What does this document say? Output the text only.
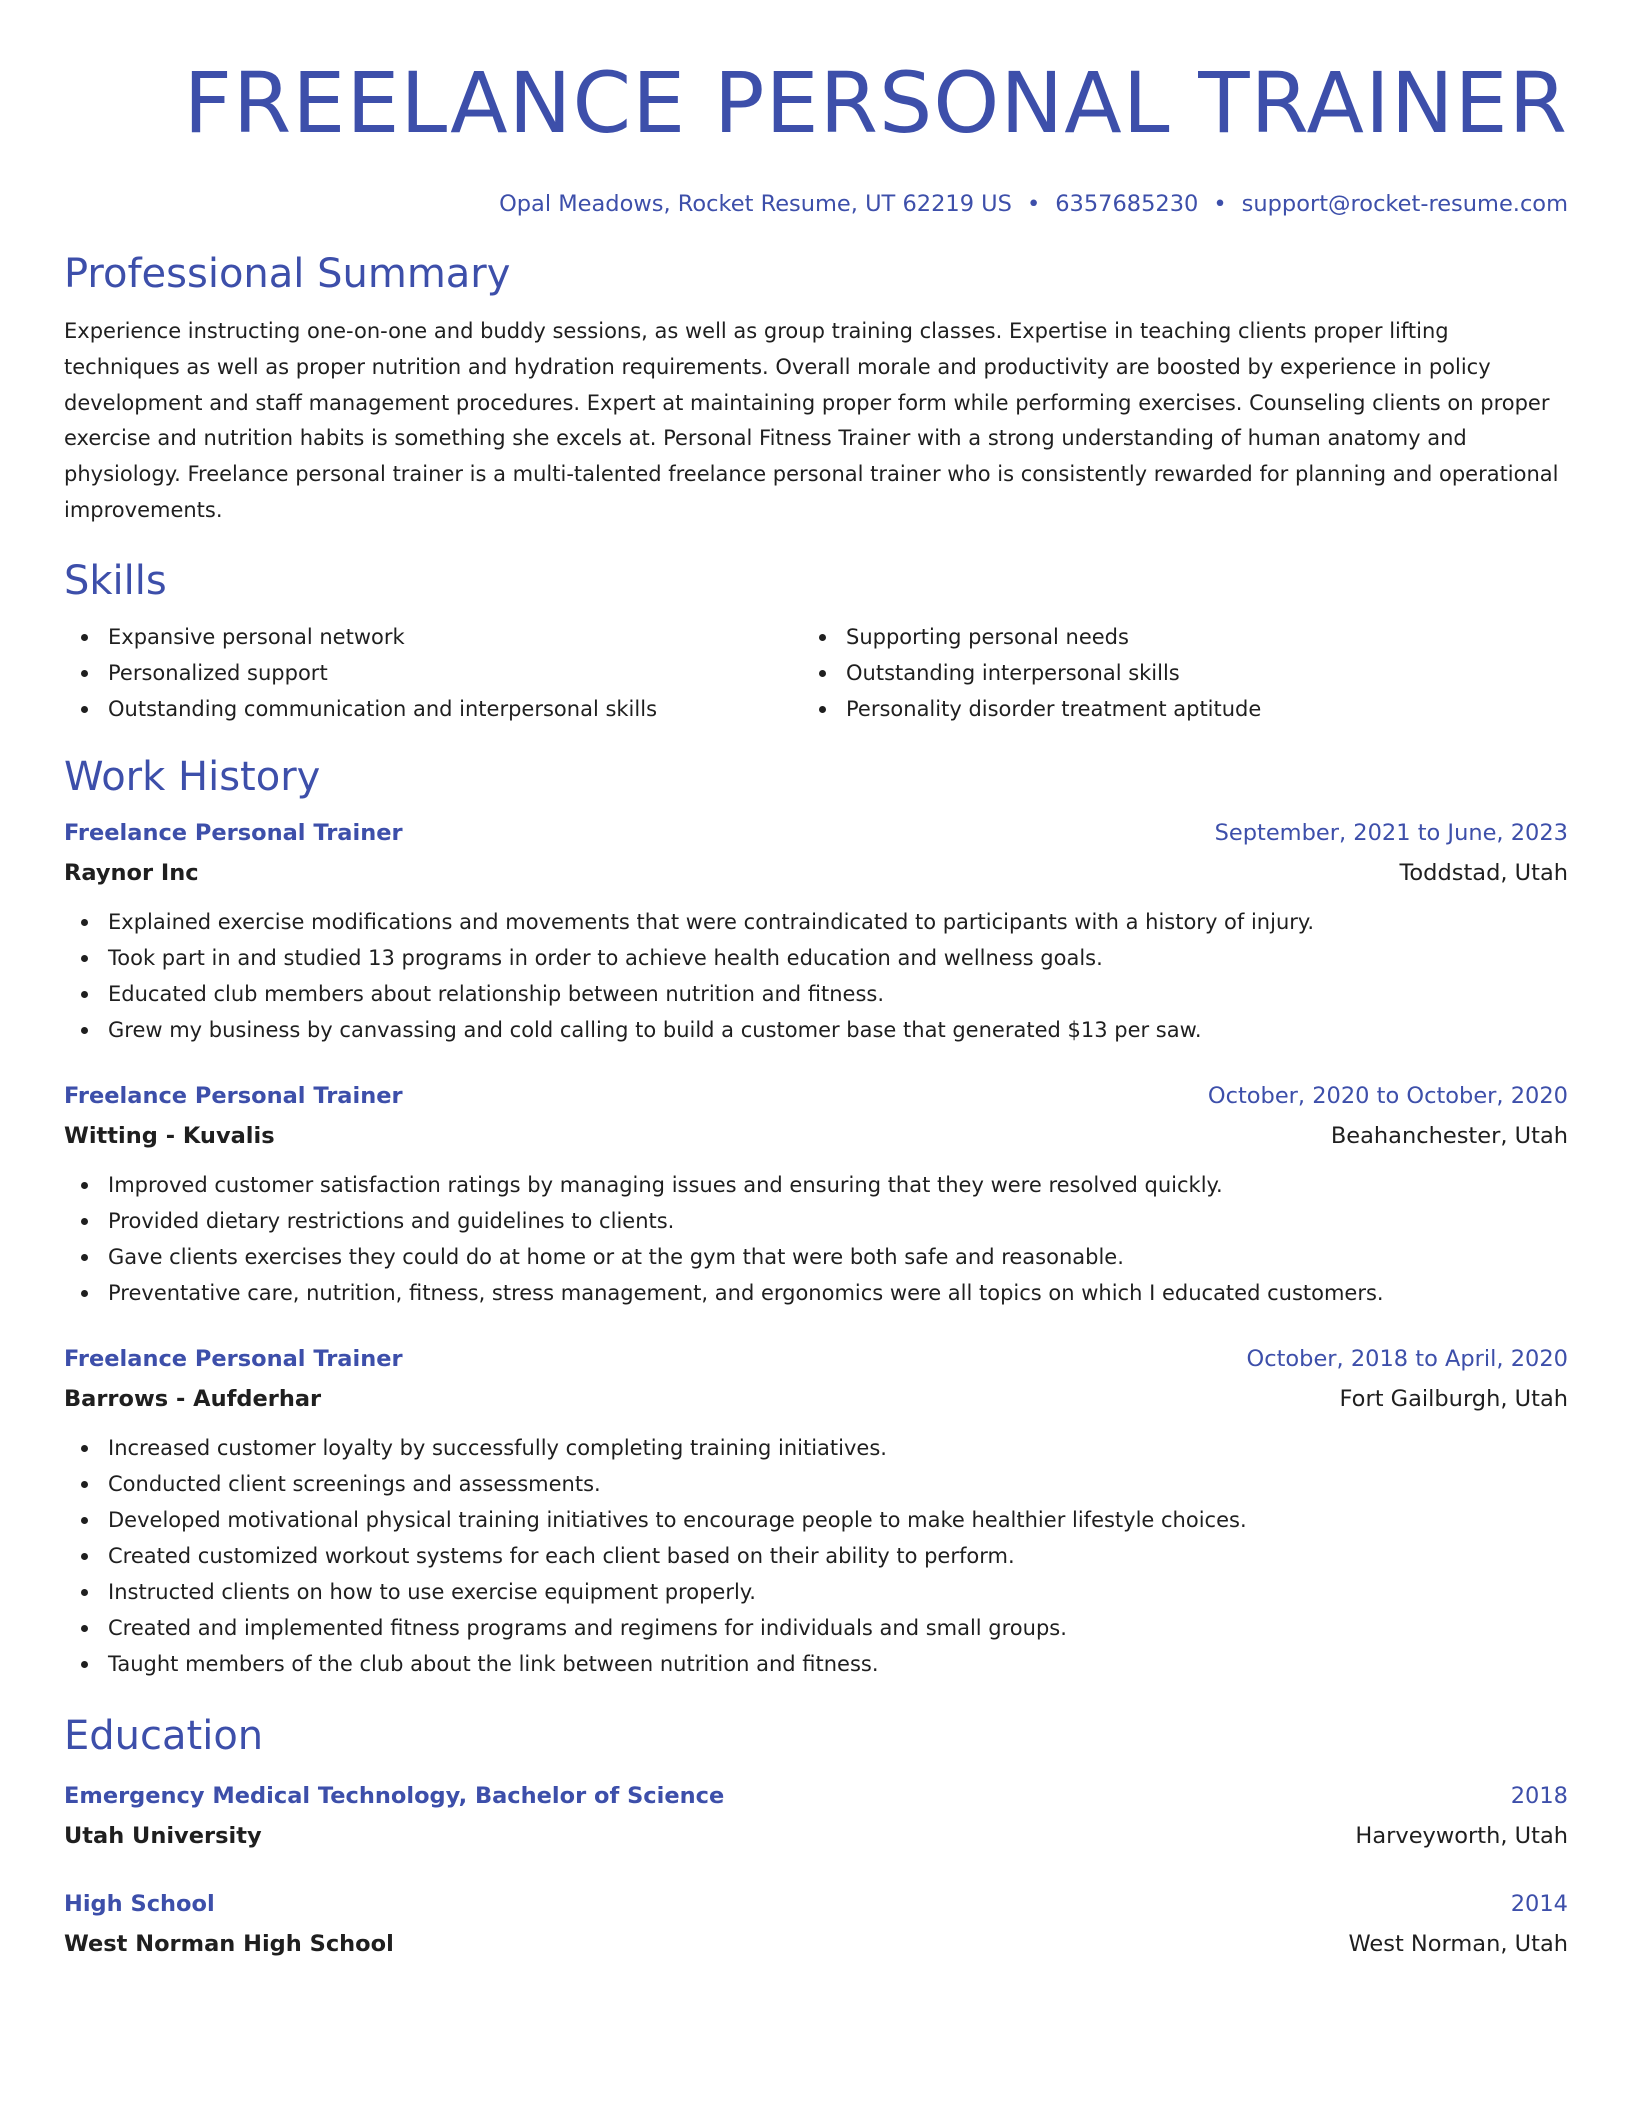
FREELANCE PERSONAL TRAINER
Opal Meadows, Rocket Resume, UT 62219 US • 6357685230 • support@rocket-resume.com
Professional Summary

Experience instructing one-on-one and buddy sessions, as well as group training classes. Expertise in teaching clients proper lifting techniques as well as proper nutrition and hydration requirements. Overall morale and productivity are boosted by experience in policy development and staff management procedures. Expert at maintaining proper form while performing exercises. Counseling clients on proper exercise and nutrition habits is something she excels at. Personal Fitness Trainer with a strong understanding of human anatomy and physiology. Freelance personal trainer is a multi-talented freelance personal trainer who is consistently rewarded for planning and operational improvements.

Skills
Expansive personal network
Personalized support
Outstanding communication and interpersonal skills
Supporting personal needs
Outstanding interpersonal skills
Personality disorder treatment aptitude
Work History
Freelance Personal Trainer	September, 2021 to June, 2023
Raynor Inc	Toddstad, Utah
Explained exercise modifications and movements that were contraindicated to participants with a history of injury.
Took part in and studied 13 programs in order to achieve health education and wellness goals.
Educated club members about relationship between nutrition and fitness.
Grew my business by canvassing and cold calling to build a customer base that generated $13 per saw.
Freelance Personal Trainer	October, 2020 to October, 2020
Witting - Kuvalis	Beahanchester, Utah
Improved customer satisfaction ratings by managing issues and ensuring that they were resolved quickly.
Provided dietary restrictions and guidelines to clients.
Gave clients exercises they could do at home or at the gym that were both safe and reasonable.
Preventative care, nutrition, fitness, stress management, and ergonomics were all topics on which I educated customers.
Freelance Personal Trainer	October, 2018 to April, 2020
Barrows - Aufderhar	Fort Gailburgh, Utah
Increased customer loyalty by successfully completing training initiatives.
Conducted client screenings and assessments.
Developed motivational physical training initiatives to encourage people to make healthier lifestyle choices.
Created customized workout systems for each client based on their ability to perform.
Instructed clients on how to use exercise equipment properly.
Created and implemented fitness programs and regimens for individuals and small groups.
Taught members of the club about the link between nutrition and fitness.
Education
Emergency Medical Technology, Bachelor of Science	2018
Utah University	Harveyworth, Utah
High School	2014
West Norman High School	West Norman, Utah
